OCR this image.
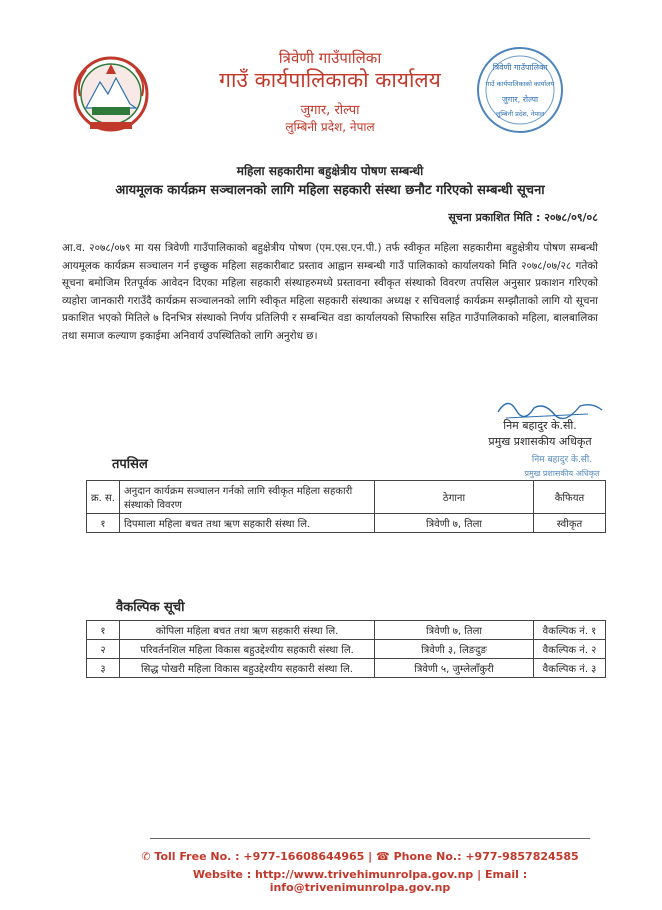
त्रिवेणी गाउँपालिका
गाउँ कार्यपालिकाको कार्यालय
जुगार, रोल्पा
लुम्बिनी प्रदेश, नेपाल
त्रिवेणी गाउँपालिका
गाउँ कार्यपालिकाको कार्यालय
जुगार, रोल्पा
लुम्बिनी प्रदेश, नेपाल
महिला सहकारीमा बहुक्षेत्रीय पोषण सम्बन्धी
आयमूलक कार्यक्रम सञ्चालनको लागि महिला सहकारी संस्था छनौट गरिएको सम्बन्धी सूचना
सूचना प्रकाशित मिति : २०७८/०९/०८
आ.व. २०७८/०७९ मा यस त्रिवेणी गाउँपालिकाको बहुक्षेत्रीय पोषण (एम.एस.एन.पी.) तर्फ स्वीकृत महिला सहकारीमा बहुक्षेत्रीय पोषण सम्बन्धी आयमूलक कार्यक्रम सञ्चालन गर्न इच्छुक महिला सहकारीबाट प्रस्ताव आह्वान सम्बन्धी गाउँ पालिकाको कार्यालयको मिति २०७८/०७/२८ गतेको सूचना बमोजिम रितपूर्वक आवेदन दिएका महिला सहकारी संस्थाहरुमध्ये प्रस्तावना स्वीकृत संस्थाको विवरण तपसिल अनुसार प्रकाशन गरिएको व्यहोरा जानकारी गराउँदै कार्यक्रम सञ्चालनको लागि स्वीकृत महिला सहकारी संस्थाका अध्यक्ष र सचिवलाई कार्यक्रम सम्झौताको लागि यो सूचना प्रकाशित भएको मितिले ७ दिनभित्र संस्थाको निर्णय प्रतिलिपी र सम्बन्धित वडा कार्यालयको सिफारिस सहित गाउँपालिकाको महिला, बालबालिका तथा समाज कल्याण इकाईमा अनिवार्य उपस्थितिको लागि अनुरोध छ।
निम बहादुर के.सी.
प्रमुख प्रशासकीय अधिकृत
निम बहादुर के.सी.
प्रमुख प्रशासकीय अधिकृत
तपसिल
क्र. स.	अनुदान कार्यक्रम सञ्चालन गर्नको लागि स्वीकृत महिला सहकारी संस्थाको विवरण	ठेगाना	कैफियत
१	दिपमाला महिला बचत तथा ऋण सहकारी संस्था लि.	त्रिवेणी ७, तिला	स्वीकृत
वैकल्पिक सूची
१	कोपिला महिला बचत तथा ऋण सहकारी संस्था लि.	त्रिवेणी ७, तिला	वैकल्पिक नं. १
२	परिवर्तनशिल महिला विकास बहुउद्देश्यीय सहकारी संस्था लि.	त्रिवेणी ३, लिङदुङ	वैकल्पिक नं. २
३	सिद्ध पोखरी महिला विकास बहुउद्देश्यीय सहकारी संस्था लि.	त्रिवेणी ५, जुम्लेलाँकुरी	वैकल्पिक नं. ३
✆ Toll Free No. : +977-16608644965 | ☎ Phone No.: +977-9857824585
Website : http://www.trivehimunrolpa.gov.np | Email : info@trivenimunrolpa.gov.np
